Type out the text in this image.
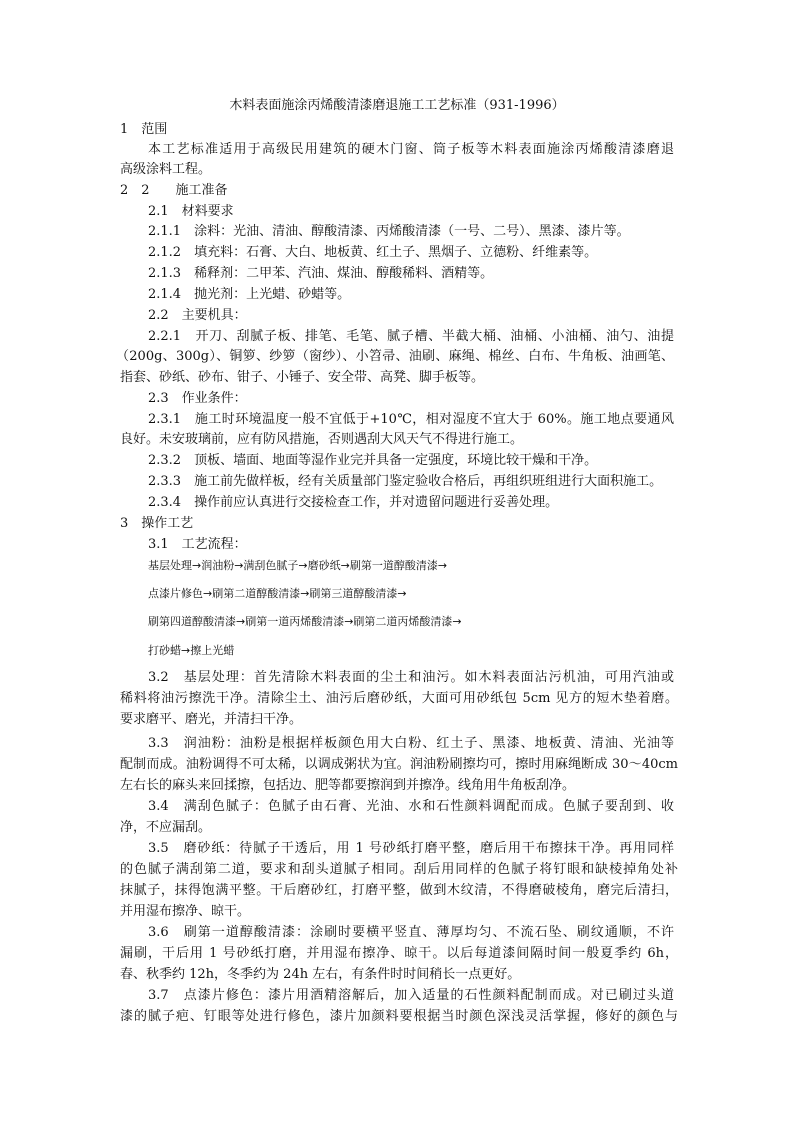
木料表面施涂丙烯酸清漆磨退施工工艺标准（931-1996）
1　范围
本工艺标准适用于高级民用建筑的硬木门窗、筒子板等木料表面施涂丙烯酸清漆磨退
高级涂料工程。
2　2　　施工准备
2.1　材料要求
2.1.1　涂料：光油、清油、醇酸清漆、丙烯酸清漆（一号、二号）、黑漆、漆片等。
2.1.2　填充料：石膏、大白、地板黄、红土子、黑烟子、立德粉、纤维素等。
2.1.3　稀释剂：二甲苯、汽油、煤油、醇酸稀料、酒精等。
2.1.4　抛光剂：上光蜡、砂蜡等。
2.2　主要机具：
2.2.1　开刀、刮腻子板、排笔、毛笔、腻子槽、半截大桶、油桶、小油桶、油勺、油提
（200g、300g）、铜箩、纱箩（窗纱）、小笤帚、油刷、麻绳、棉丝、白布、牛角板、油画笔、
指套、砂纸、砂布、钳子、小锤子、安全带、高凳、脚手板等。
2.3　作业条件：
2.3.1　施工时环境温度一般不宜低于+10℃，相对湿度不宜大于 60%。施工地点要通风
良好。未安玻璃前，应有防风措施，否则遇刮大风天气不得进行施工。
2.3.2　顶板、墙面、地面等湿作业完并具备一定强度，环境比较干燥和干净。
2.3.3　施工前先做样板，经有关质量部门鉴定验收合格后，再组织班组进行大面积施工。
2.3.4　操作前应认真进行交接检查工作，并对遗留问题进行妥善处理。
3　操作工艺
3.1　工艺流程：
基层处理→润油粉→满刮色腻子→磨砂纸→刷第一道醇酸清漆→
点漆片修色→刷第二道醇酸清漆→刷第三道醇酸清漆→
刷第四道醇酸清漆→刷第一道丙烯酸清漆→刷第二道丙烯酸清漆→
打砂蜡→擦上光蜡
3.2　基层处理：首先清除木料表面的尘土和油污。如木料表面沾污机油，可用汽油或
稀料将油污擦洗干净。清除尘土、油污后磨砂纸，大面可用砂纸包 5cm 见方的短木垫着磨。
要求磨平、磨光，并清扫干净。
3.3　润油粉：油粉是根据样板颜色用大白粉、红土子、黑漆、地板黄、清油、光油等
配制而成。油粉调得不可太稀，以调成粥状为宜。润油粉刷擦均可，擦时用麻绳断成 30～40cm
左右长的麻头来回揉擦，包括边、肥等都要擦润到并擦净。线角用牛角板刮净。
3.4　满刮色腻子：色腻子由石膏、光油、水和石性颜料调配而成。色腻子要刮到、收
净，不应漏刮。
3.5　磨砂纸：待腻子干透后，用 1 号砂纸打磨平整，磨后用干布擦抹干净。再用同样
的色腻子满刮第二道，要求和刮头道腻子相同。刮后用同样的色腻子将钉眼和缺棱掉角处补
抹腻子，抹得饱满平整。干后磨砂红，打磨平整，做到木纹清，不得磨破棱角，磨完后清扫，
并用湿布擦净、晾干。
3.6　刷第一道醇酸清漆：涂刷时要横平竖直、薄厚均匀、不流石坠、刷纹通顺，不许
漏刷，干后用 1 号砂纸打磨，并用湿布擦净、晾干。以后每道漆间隔时间一般夏季约 6h，
春、秋季约 12h，冬季约为 24h 左右，有条件时时间稍长一点更好。
3.7　点漆片修色：漆片用酒精溶解后，加入适量的石性颜料配制而成。对已刷过头道
漆的腻子疤、钉眼等处进行修色，漆片加颜料要根据当时颜色深浅灵活掌握，修好的颜色与
